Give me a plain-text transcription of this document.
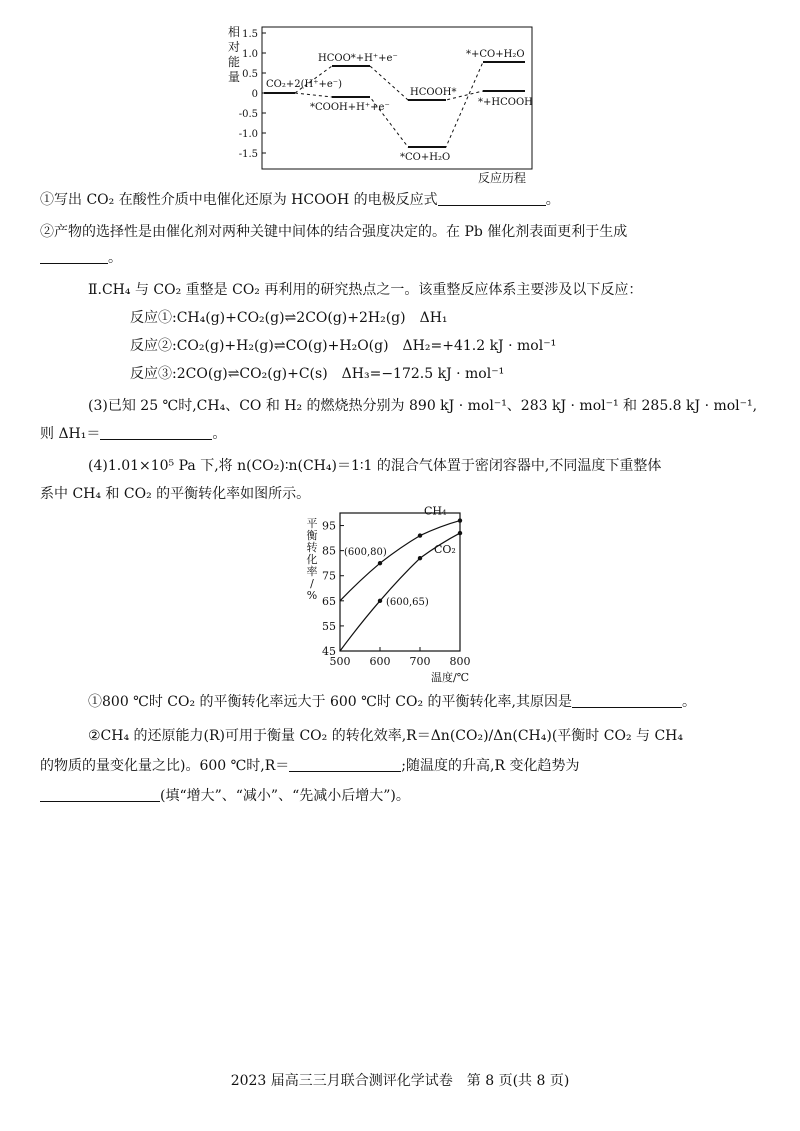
相
对
能
量
1.5
1.0
0.5
0
-0.5
-1.0
-1.5
CO₂+2(H⁺+e⁻)
HCOO*+H⁺+e⁻
*COOH+H⁺+e⁻
HCOOH*
*CO+H₂O
*+CO+H₂O
*+HCOOH
反应历程
①写出 CO₂ 在酸性介质中电催化还原为 HCOOH 的电极反应式	。
②产物的选择性是由催化剂对两种关键中间体的结合强度决定的。在 Pb 催化剂表面更利于生成
。
Ⅱ.CH₄ 与 CO₂ 重整是 CO₂ 再利用的研究热点之一。该重整反应体系主要涉及以下反应：
反应①:CH₄(g)+CO₂(g)⇌2CO(g)+2H₂(g)　ΔH₁
反应②:CO₂(g)+H₂(g)⇌CO(g)+H₂O(g)　ΔH₂=+41.2 kJ · mol⁻¹
反应③:2CO(g)⇌CO₂(g)+C(s)　ΔH₃=−172.5 kJ · mol⁻¹
(3)已知 25 ℃时,CH₄、CO 和 H₂ 的燃烧热分别为 890 kJ · mol⁻¹、283 kJ · mol⁻¹ 和 285.8 kJ · mol⁻¹,
则 ΔH₁＝	。
(4)1.01×10⁵ Pa 下,将 n(CO₂)∶n(CH₄)＝1∶1 的混合气体置于密闭容器中,不同温度下重整体
系中 CH₄ 和 CO₂ 的平衡转化率如图所示。
45
55
65
75
85
95
500 600 700 800
平
衡
转
化
率
/
%
温度/℃
CH₄
CO₂
(600,80)
(600,65)
①800 ℃时 CO₂ 的平衡转化率远大于 600 ℃时 CO₂ 的平衡转化率,其原因是	。
②CH₄ 的还原能力(R)可用于衡量 CO₂ 的转化效率,R＝Δn(CO₂)/Δn(CH₄)(平衡时 CO₂ 与 CH₄
的物质的量变化量之比)。600 ℃时,R＝	;随温度的升高,R 变化趋势为
(填“增大”、“减小”、“先减小后增大”)。
2023 届高三三月联合测评化学试卷　第 8 页(共 8 页)
